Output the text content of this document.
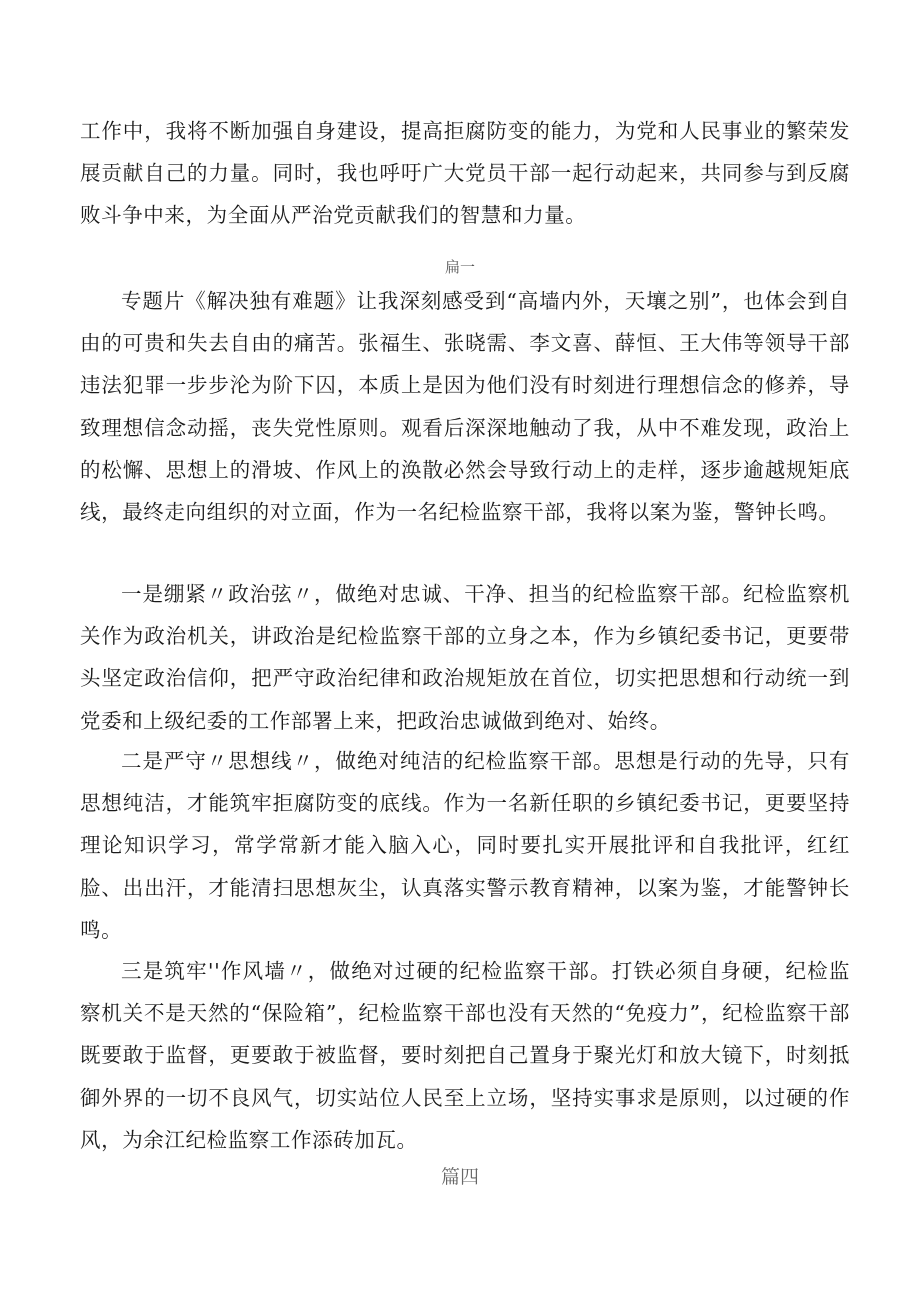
工作中，我将不断加强自身建设，提高拒腐防变的能力，为党和人民事业的繁荣发展贡献自己的力量。同时，我也呼吁广大党员干部一起行动起来，共同参与到反腐败斗争中来，为全面从严治党贡献我们的智慧和力量。

扁一

专题片《解决独有难题》让我深刻感受到“高墙内外，天壤之别”，也体会到自由的可贵和失去自由的痛苦。张福生、张晓需、李文喜、薛恒、王大伟等领导干部违法犯罪一步步沦为阶下囚，本质上是因为他们没有时刻进行理想信念的修养，导致理想信念动摇，丧失党性原则。观看后深深地触动了我，从中不难发现，政治上的松懈、思想上的滑坡、作风上的涣散必然会导致行动上的走样，逐步逾越规矩底线，最终走向组织的对立面，作为一名纪检监察干部，我将以案为鉴，警钟长鸣。

一是绷紧〃政治弦〃，做绝对忠诚、干净、担当的纪检监察干部。纪检监察机关作为政治机关，讲政治是纪检监察干部的立身之本，作为乡镇纪委书记，更要带头坚定政治信仰，把严守政治纪律和政治规矩放在首位，切实把思想和行动统一到党委和上级纪委的工作部署上来，把政治忠诚做到绝对、始终。

二是严守〃思想线〃，做绝对纯洁的纪检监察干部。思想是行动的先导，只有思想纯洁，才能筑牢拒腐防变的底线。作为一名新任职的乡镇纪委书记，更要坚持理论知识学习，常学常新才能入脑入心，同时要扎实开展批评和自我批评，红红脸、出出汗，才能清扫思想灰尘，认真落实警示教育精神，以案为鉴，才能警钟长鸣。

三是筑牢''作风墙〃，做绝对过硬的纪检监察干部。打铁必须自身硬，纪检监察机关不是天然的“保险箱”，纪检监察干部也没有天然的“免疫力”，纪检监察干部既要敢于监督，更要敢于被监督，要时刻把自己置身于聚光灯和放大镜下，时刻抵御外界的一切不良风气，切实站位人民至上立场，坚持实事求是原则，以过硬的作风，为余江纪检监察工作添砖加瓦。

篇四
